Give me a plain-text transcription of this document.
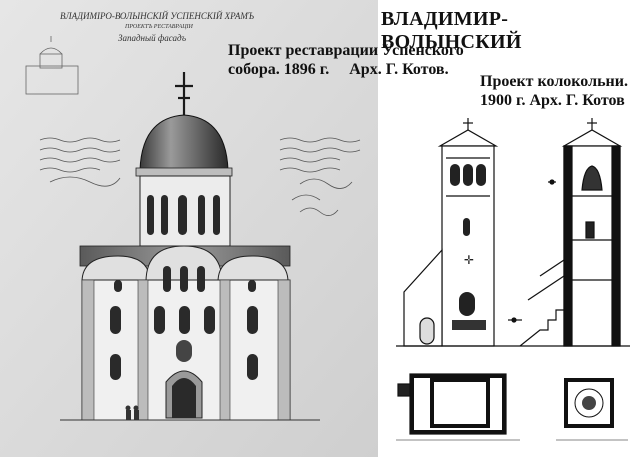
✛
ВЛАДИМІРО-ВОЛЫНСКІЙ УСПЕНСКІЙ ХРАМЪ
ПРОЕКТЪ РЕСТАВРАЦІИ
Западный фасадъ
ВЛАДИМИР-ВОЛЫНСКИЙ
Проект реставрации Успенского
собора. 1896 г.     Арх. Г. Котов.
Проект колокольни.
1900 г. Арх. Г. Котов
